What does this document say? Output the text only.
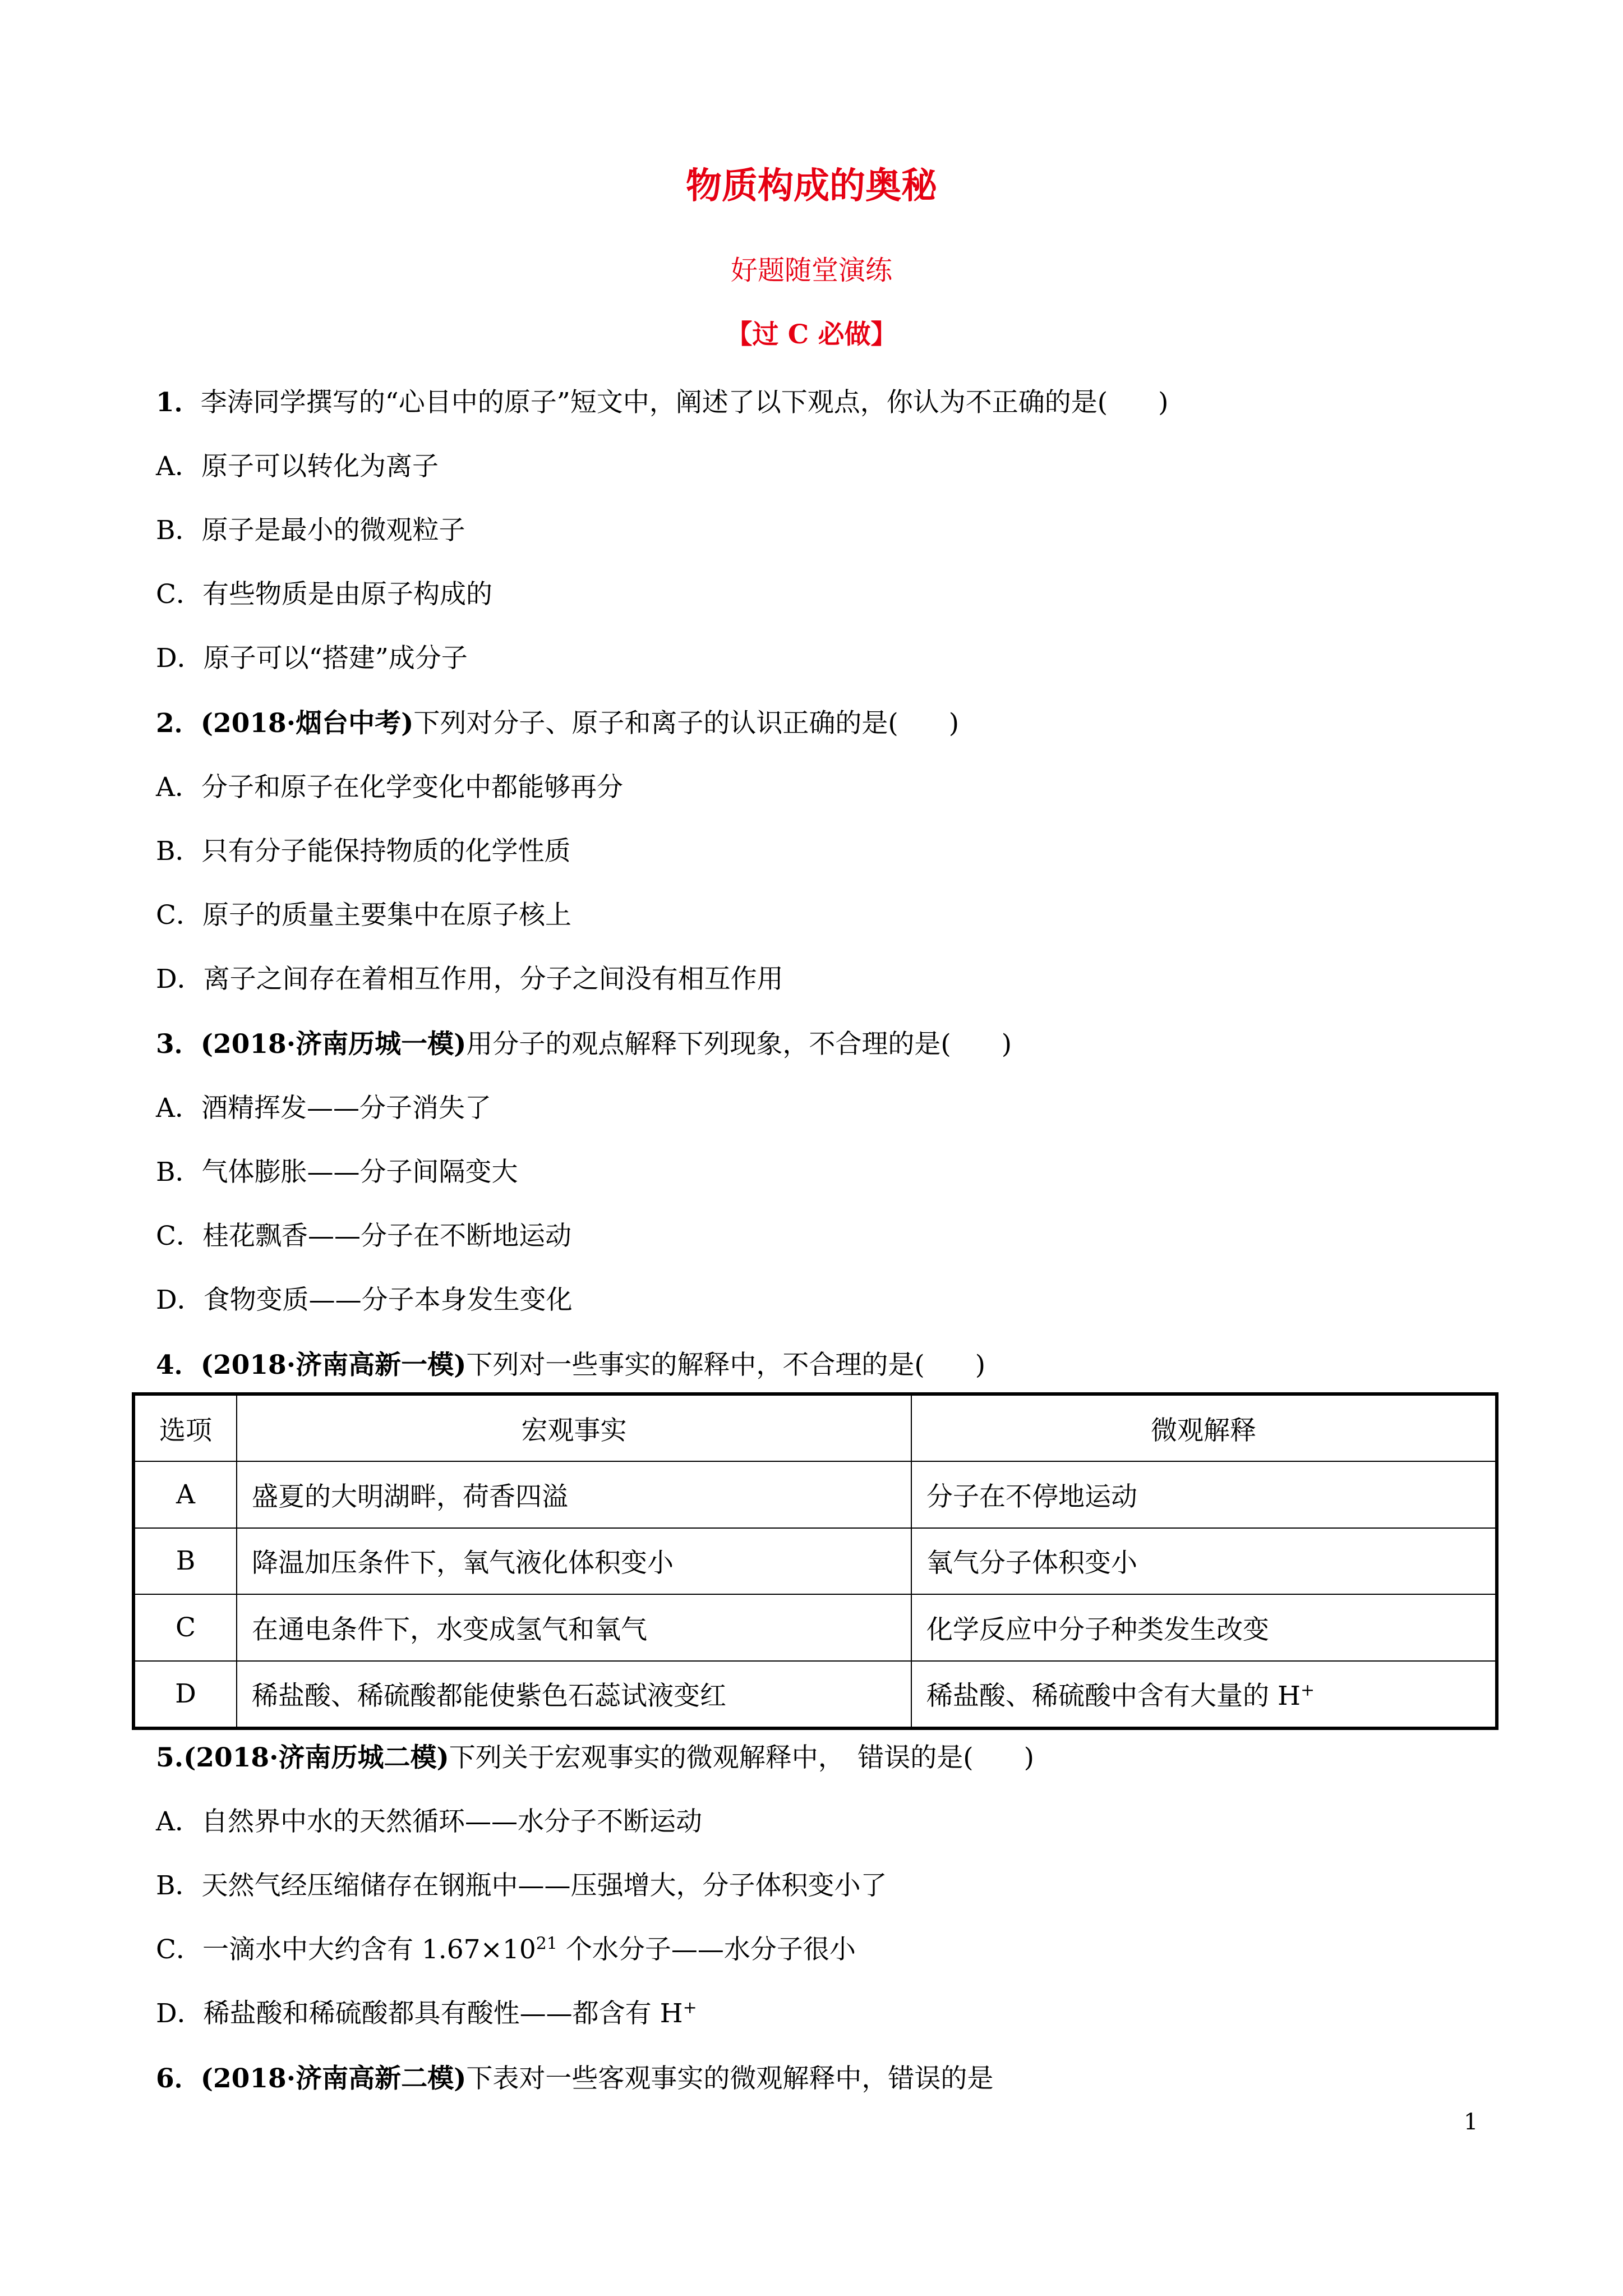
物质构成的奥秘
好题随堂演练
【过 C 必做】
1．李涛同学撰写的“心目中的原子”短文中，阐述了以下观点，你认为不正确的是( )
A．原子可以转化为离子
B．原子是最小的微观粒子
C．有些物质是由原子构成的
D．原子可以“搭建”成分子
2．(2018·烟台中考)下列对分子、原子和离子的认识正确的是( )
A．分子和原子在化学变化中都能够再分
B．只有分子能保持物质的化学性质
C．原子的质量主要集中在原子核上
D．离子之间存在着相互作用，分子之间没有相互作用
3．(2018·济南历城一模)用分子的观点解释下列现象，不合理的是( )
A．酒精挥发——分子消失了
B．气体膨胀——分子间隔变大
C．桂花飘香——分子在不断地运动
D．食物变质——分子本身发生变化
4．(2018·济南高新一模)下列对一些事实的解释中，不合理的是( )
选项	宏观事实	微观解释
A	盛夏的大明湖畔，荷香四溢	分子在不停地运动
B	降温加压条件下，氧气液化体积变小	氧气分子体积变小
C	在通电条件下，水变成氢气和氧气	化学反应中分子种类发生改变
D	稀盐酸、稀硫酸都能使紫色石蕊试液变红	稀盐酸、稀硫酸中含有大量的 H+
5.(2018·济南历城二模)下列关于宏观事实的微观解释中，　错误的是( )
A．自然界中水的天然循环——水分子不断运动
B．天然气经压缩储存在钢瓶中——压强增大，分子体积变小了
C．一滴水中大约含有 $1.67\times 10^{21}$ 个水分子——水分子很小
D．稀盐酸和稀硫酸都具有酸性——都含有 H+
6．(2018·济南高新二模)下表对一些客观事实的微观解释中，错误的是
1
